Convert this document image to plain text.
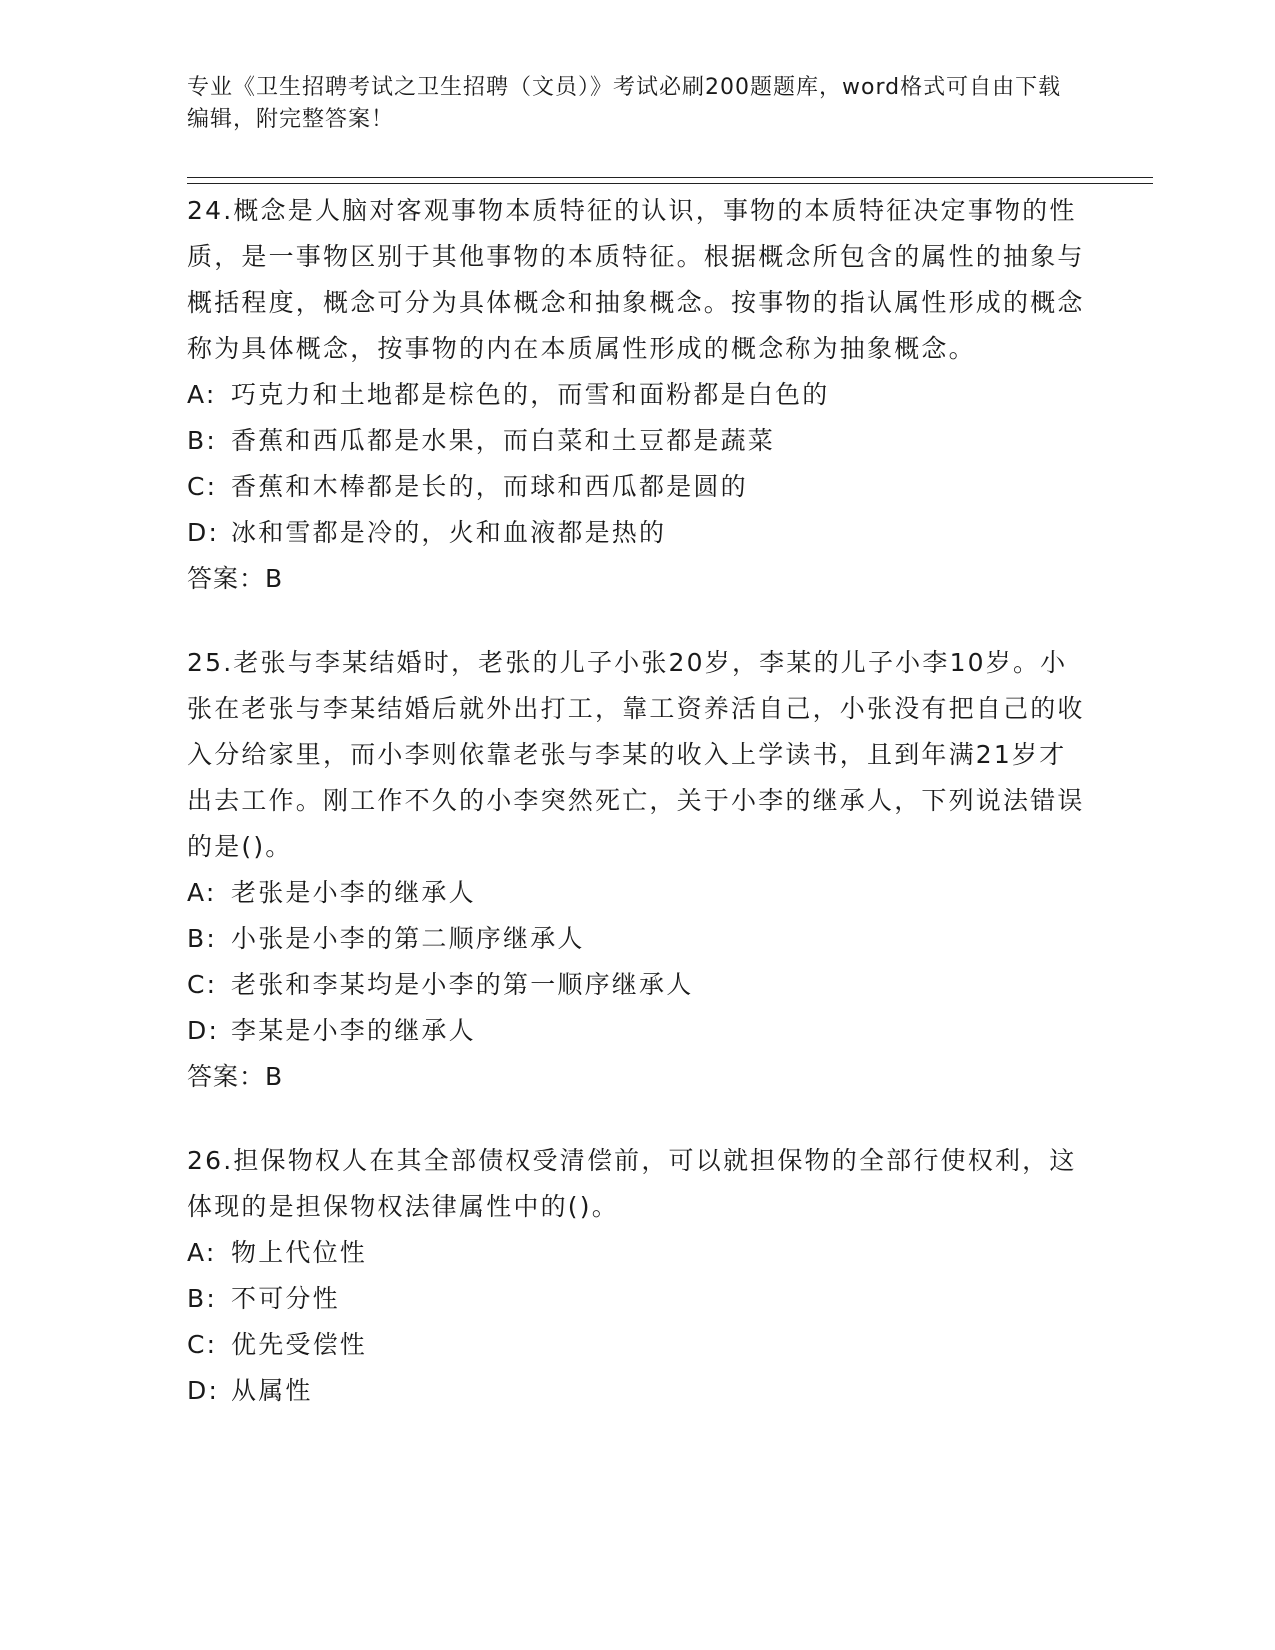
专业《卫生招聘考试之卫生招聘（文员）》考试必刷200题题库，word格式可自由下载编辑，附完整答案！

24.概念是人脑对客观事物本质特征的认识，事物的本质特征决定事物的性质，是一事物区别于其他事物的本质特征。根据概念所包含的属性的抽象与概括程度，概念可分为具体概念和抽象概念。按事物的指认属性形成的概念称为具体概念，按事物的内在本质属性形成的概念称为抽象概念。

A: 巧克力和土地都是棕色的，而雪和面粉都是白色的

B: 香蕉和西瓜都是水果，而白菜和土豆都是蔬菜

C: 香蕉和木棒都是长的，而球和西瓜都是圆的

D: 冰和雪都是冷的，火和血液都是热的

答案：B

25.老张与李某结婚时，老张的儿子小张20岁，李某的儿子小李10岁。小张在老张与李某结婚后就外出打工，靠工资养活自己，小张没有把自己的收入分给家里，而小李则依靠老张与李某的收入上学读书，且到年满21岁才出去工作。刚工作不久的小李突然死亡，关于小李的继承人，下列说法错误的是()。

A: 老张是小李的继承人

B: 小张是小李的第二顺序继承人

C: 老张和李某均是小李的第一顺序继承人

D: 李某是小李的继承人

答案：B

26.担保物权人在其全部债权受清偿前，可以就担保物的全部行使权利，这体现的是担保物权法律属性中的()。

A: 物上代位性

B: 不可分性

C: 优先受偿性

D: 从属性
